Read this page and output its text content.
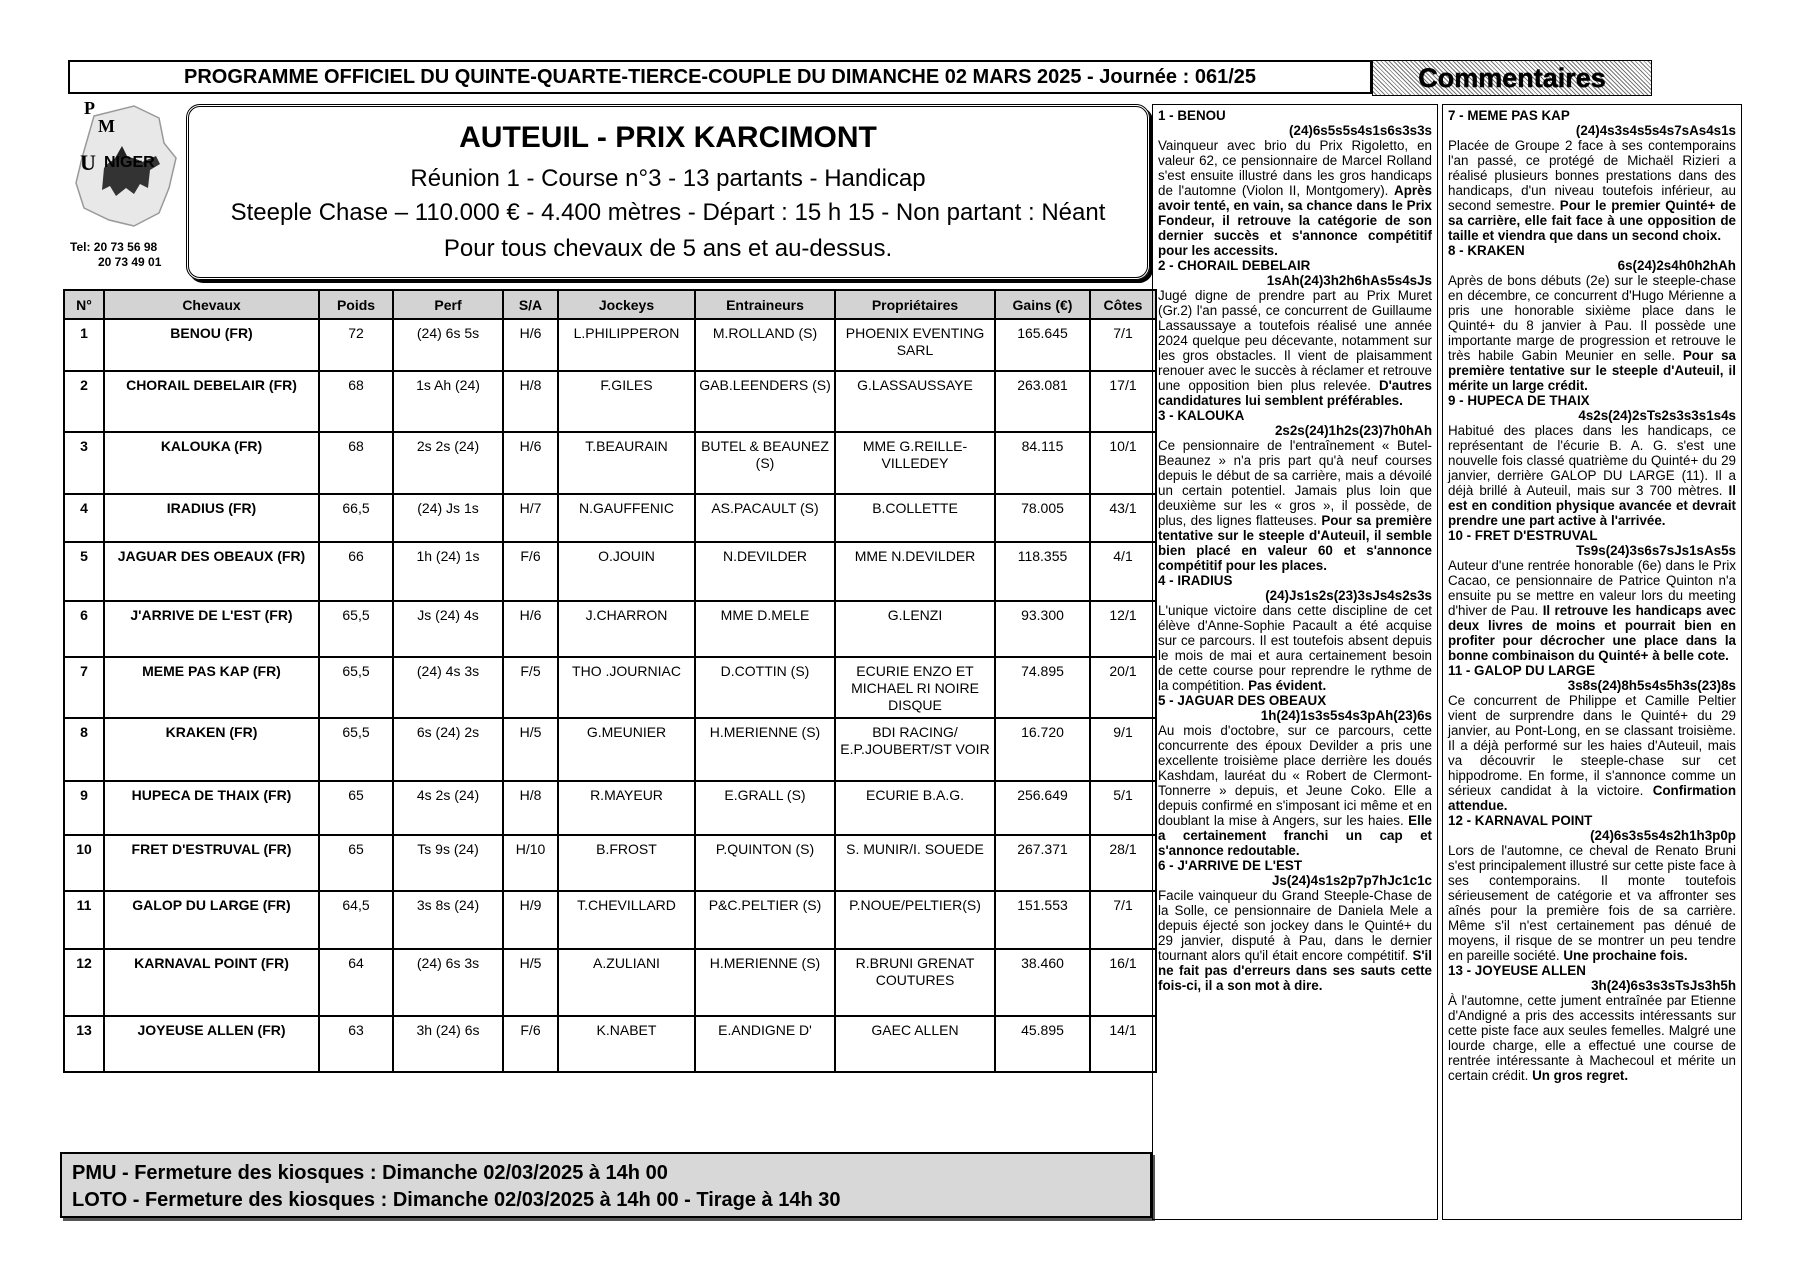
PROGRAMME OFFICIEL DU QUINTE-QUARTE-TIERCE-COUPLE DU DIMANCHE 02 MARS 2025 - Journée : 061/25	Commentaires
P
M
U NIGER
Tel: 20 73 56 98
20 73 49 01
AUTEUIL - PRIX KARCIMONT
Réunion 1 - Course n°3 - 13 partants - Handicap
Steeple Chase – 110.000 € - 4.400 mètres - Départ : 15 h 15 - Non partant : Néant
Pour tous chevaux de 5 ans et au-dessus.
N°	Chevaux	Poids	Perf	S/A	Jockeys	Entraineurs	Propriétaires	Gains (€)	Côtes
1	BENOU (FR)	72	(24) 6s 5s	H/6	L.PHILIPPERON	M.ROLLAND (S)	PHOENIX EVENTING SARL	165.645	7/1
2	CHORAIL DEBELAIR (FR)	68	1s Ah (24)	H/8	F.GILES	GAB.LEENDERS (S)	G.LASSAUSSAYE	263.081	17/1
3	KALOUKA (FR)	68	2s 2s (24)	H/6	T.BEAURAIN	BUTEL & BEAUNEZ (S)	MME G.REILLE-VILLEDEY	84.115	10/1
4	IRADIUS (FR)	66,5	(24) Js 1s	H/7	N.GAUFFENIC	AS.PACAULT (S)	B.COLLETTE	78.005	43/1
5	JAGUAR DES OBEAUX (FR)	66	1h (24) 1s	F/6	O.JOUIN	N.DEVILDER	MME N.DEVILDER	118.355	4/1
6	J'ARRIVE DE L'EST (FR)	65,5	Js (24) 4s	H/6	J.CHARRON	MME D.MELE	G.LENZI	93.300	12/1
7	MEME PAS KAP (FR)	65,5	(24) 4s 3s	F/5	THO .JOURNIAC	D.COTTIN (S)	ECURIE ENZO ET MICHAEL RI NOIRE DISQUE	74.895	20/1
8	KRAKEN (FR)	65,5	6s (24) 2s	H/5	G.MEUNIER	H.MERIENNE (S)	BDI RACING/ E.P.JOUBERT/ST VOIR	16.720	9/1
9	HUPECA DE THAIX (FR)	65	4s 2s (24)	H/8	R.MAYEUR	E.GRALL (S)	ECURIE B.A.G.	256.649	5/1
10	FRET D'ESTRUVAL (FR)	65	Ts 9s (24)	H/10	B.FROST	P.QUINTON (S)	S. MUNIR/I. SOUEDE	267.371	28/1
11	GALOP DU LARGE (FR)	64,5	3s 8s (24)	H/9	T.CHEVILLARD	P&C.PELTIER (S)	P.NOUE/PELTIER(S)	151.553	7/1
12	KARNAVAL POINT (FR)	64	(24) 6s 3s	H/5	A.ZULIANI	H.MERIENNE (S)	R.BRUNI GRENAT COUTURES	38.460	16/1
13	JOYEUSE ALLEN (FR)	63	3h (24) 6s	F/6	K.NABET	E.ANDIGNE D'	GAEC ALLEN	45.895	14/1
PMU - Fermeture des kiosques : Dimanche 02/03/2025 à 14h 00
LOTO - Fermeture des kiosques : Dimanche 02/03/2025 à 14h 00 - Tirage à 14h 30
1 - BENOU
(24)6s5s5s4s1s6s3s3s

Vainqueur avec brio du Prix Rigoletto, en valeur 62, ce pensionnaire de Marcel Rolland s'est ensuite illustré dans les gros handicaps de l'automne (Violon II, Montgomery). Après avoir tenté, en vain, sa chance dans le Prix Fondeur, il retrouve la catégorie de son dernier succès et s'annonce compétitif pour les accessits.

2 - CHORAIL DEBELAIR
1sAh(24)3h2h6hAs5s4sJs

Jugé digne de prendre part au Prix Muret (Gr.2) l'an passé, ce concurrent de Guillaume Lassaussaye a toutefois réalisé une année 2024 quelque peu décevante, notamment sur les gros obstacles. Il vient de plaisamment renouer avec le succès à réclamer et retrouve une opposition bien plus relevée. D'autres candidatures lui semblent préférables.

3 - KALOUKA
2s2s(24)1h2s(23)7h0hAh

Ce pensionnaire de l'entraînement « Butel-Beaunez » n'a pris part qu'à neuf courses depuis le début de sa carrière, mais a dévoilé un certain potentiel. Jamais plus loin que deuxième sur les « gros », il possède, de plus, des lignes flatteuses. Pour sa première tentative sur le steeple d'Auteuil, il semble bien placé en valeur 60 et s'annonce compétitif pour les places.

4 - IRADIUS
(24)Js1s2s(23)3sJs4s2s3s

L'unique victoire dans cette discipline de cet élève d'Anne-Sophie Pacault a été acquise sur ce parcours. Il est toutefois absent depuis le mois de mai et aura certainement besoin de cette course pour reprendre le rythme de la compétition. Pas évident.

5 - JAGUAR DES OBEAUX
1h(24)1s3s5s4s3pAh(23)6s

Au mois d'octobre, sur ce parcours, cette concurrente des époux Devilder a pris une excellente troisième place derrière les doués Kashdam, lauréat du « Robert de Clermont-Tonnerre » depuis, et Jeune Coko. Elle a depuis confirmé en s'imposant ici même et en doublant la mise à Angers, sur les haies. Elle a certainement franchi un cap et s'annonce redoutable.

6 - J'ARRIVE DE L'EST
Js(24)4s1s2p7p7hJc1c1c

Facile vainqueur du Grand Steeple-Chase de la Solle, ce pensionnaire de Daniela Mele a depuis éjecté son jockey dans le Quinté+ du 29 janvier, disputé à Pau, dans le dernier tournant alors qu'il était encore compétitif. S'il ne fait pas d'erreurs dans ses sauts cette fois-ci, il a son mot à dire.

7 - MEME PAS KAP
(24)4s3s4s5s4s7sAs4s1s

Placée de Groupe 2 face à ses contemporains l'an passé, ce protégé de Michaël Rizieri a réalisé plusieurs bonnes prestations dans des handicaps, d'un niveau toutefois inférieur, au second semestre. Pour le premier Quinté+ de sa carrière, elle fait face à une opposition de taille et viendra que dans un second choix.

8 - KRAKEN
6s(24)2s4h0h2hAh

Après de bons débuts (2e) sur le steeple-chase en décembre, ce concurrent d'Hugo Mérienne a pris une honorable sixième place dans le Quinté+ du 8 janvier à Pau. Il possède une importante marge de progression et retrouve le très habile Gabin Meunier en selle. Pour sa première tentative sur le steeple d'Auteuil, il mérite un large crédit.

9 - HUPECA DE THAIX
4s2s(24)2sTs2s3s3s1s4s

Habitué des places dans les handicaps, ce représentant de l'écurie B. A. G. s'est une nouvelle fois classé quatrième du Quinté+ du 29 janvier, derrière GALOP DU LARGE (11). Il a déjà brillé à Auteuil, mais sur 3 700 mètres. Il est en condition physique avancée et devrait prendre une part active à l'arrivée.

10 - FRET D'ESTRUVAL
Ts9s(24)3s6s7sJs1sAs5s

Auteur d'une rentrée honorable (6e) dans le Prix Cacao, ce pensionnaire de Patrice Quinton n'a ensuite pu se mettre en valeur lors du meeting d'hiver de Pau. Il retrouve les handicaps avec deux livres de moins et pourrait bien en profiter pour décrocher une place dans la bonne combinaison du Quinté+ à belle cote.

11 - GALOP DU LARGE
3s8s(24)8h5s4s5h3s(23)8s

Ce concurrent de Philippe et Camille Peltier vient de surprendre dans le Quinté+ du 29 janvier, au Pont-Long, en se classant troisième. Il a déjà performé sur les haies d'Auteuil, mais va découvrir le steeple-chase sur cet hippodrome. En forme, il s'annonce comme un sérieux candidat à la victoire. Confirmation attendue.

12 - KARNAVAL POINT
(24)6s3s5s4s2h1h3p0p

Lors de l'automne, ce cheval de Renato Bruni s'est principalement illustré sur cette piste face à ses contemporains. Il monte toutefois sérieusement de catégorie et va affronter ses aînés pour la première fois de sa carrière. Même s'il n'est certainement pas dénué de moyens, il risque de se montrer un peu tendre en pareille société. Une prochaine fois.

13 - JOYEUSE ALLEN
3h(24)6s3s3sTsJs3h5h

À l'automne, cette jument entraînée par Etienne d'Andigné a pris des accessits intéressants sur cette piste face aux seules femelles. Malgré une lourde charge, elle a effectué une course de rentrée intéressante à Machecoul et mérite un certain crédit. Un gros regret.
